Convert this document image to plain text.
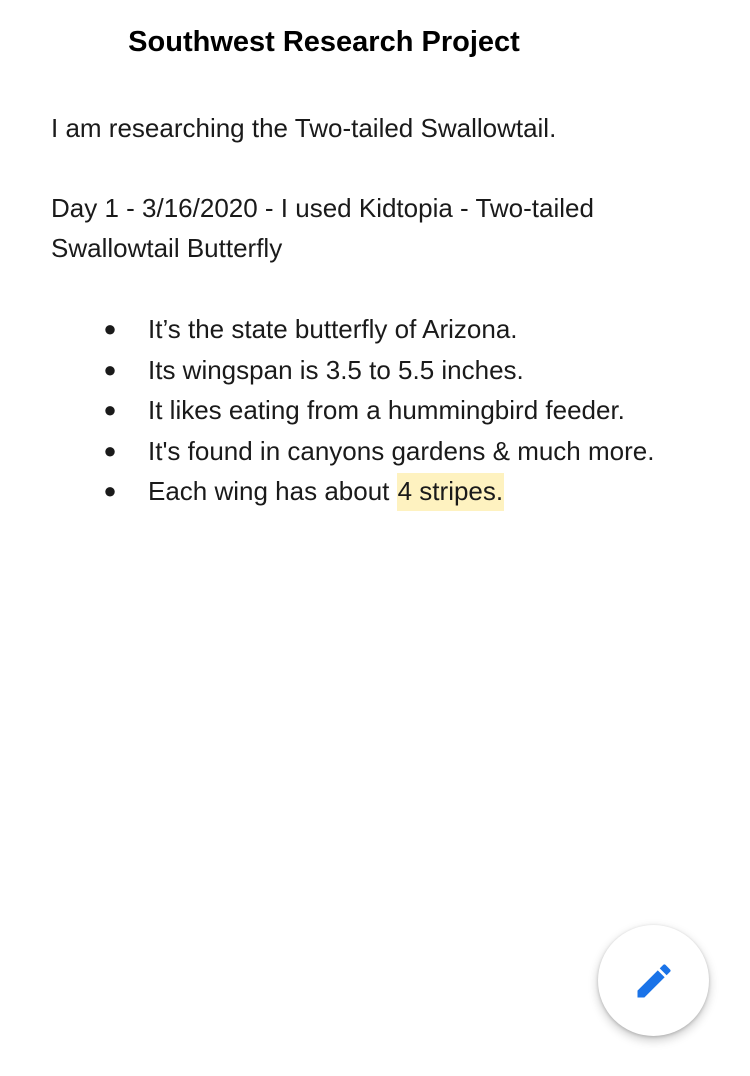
Southwest Research Project
I am researching the Two-tailed Swallowtail.
Day 1 - 3/16/2020 - I used Kidtopia - Two-tailed
Swallowtail Butterfly
● It’s the state butterfly of Arizona.
● Its wingspan is 3.5 to 5.5 inches.
● It likes eating from a hummingbird feeder.
● It's found in canyons gardens & much more.
● Each wing has about 4 stripes.
